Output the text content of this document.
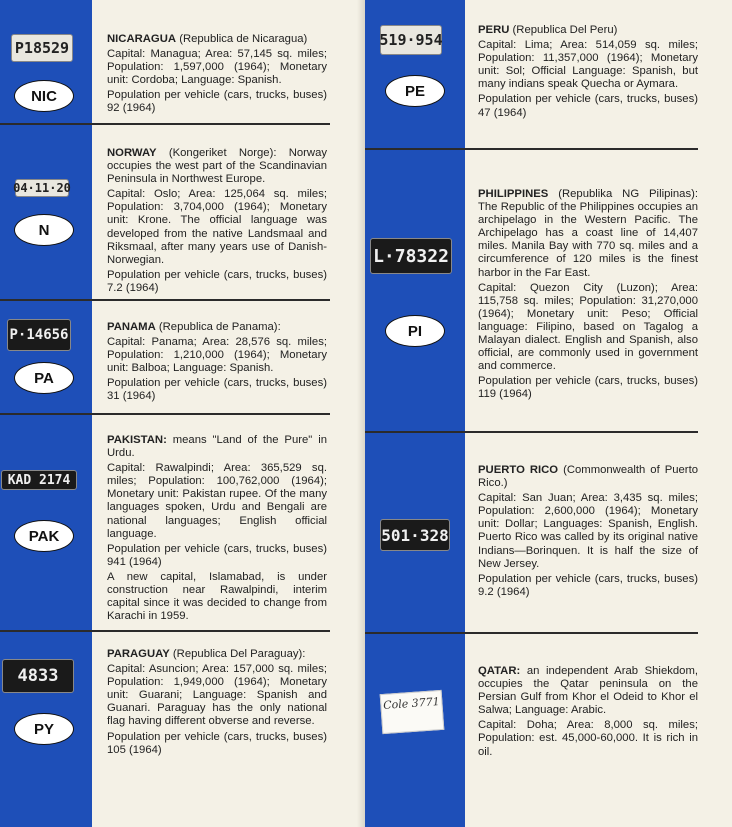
P18529
NIC

NICARAGUA (Republica de Nicaragua)

Capital: Managua; Area: 57,145 sq. miles; Population: 1,597,000 (1964); Monetary unit: Cordoba; Language: Spanish.

Population per vehicle (cars, trucks, buses) 92 (1964)

04·11·20
N

NORWAY (Kongeriket Norge): Norway occupies the west part of the Scandinavian Peninsula in Northwest Europe.

Capital: Oslo; Area: 125,064 sq. miles; Population: 3,704,000 (1964); Monetary unit: Krone. The official language was developed from the native Landsmaal and Riksmaal, after many years use of Danish-Norwegian.

Population per vehicle (cars, trucks, buses) 7.2 (1964)

P·14656
PA

PANAMA (Republica de Panama):

Capital: Panama; Area: 28,576 sq. miles; Population: 1,210,000 (1964); Monetary unit: Balboa; Language: Spanish.

Population per vehicle (cars, trucks, buses) 31 (1964)

KAD 2174
PAK

PAKISTAN: means "Land of the Pure" in Urdu.

Capital: Rawalpindi; Area: 365,529 sq. miles; Population: 100,762,000 (1964); Monetary unit: Pakistan rupee. Of the many languages spoken, Urdu and Bengali are national languages; English official language.

Population per vehicle (cars, trucks, buses) 941 (1964)

A new capital, Islamabad, is under construction near Rawalpindi, interim capital since it was decided to change from Karachi in 1959.

4833
PY

PARAGUAY (Republica Del Paraguay):

Capital: Asuncion; Area: 157,000 sq. miles; Population: 1,949,000 (1964); Monetary unit: Guarani; Language: Spanish and Guanari. Paraguay has the only national flag having different obverse and reverse.

Population per vehicle (cars, trucks, buses) 105 (1964)

519·954
PE

PERU (Republica Del Peru)

Capital: Lima; Area: 514,059 sq. miles; Population: 11,357,000 (1964); Monetary unit: Sol; Official Language: Spanish, but many indians speak Quecha or Aymara.

Population per vehicle (cars, trucks, buses) 47 (1964)

L·78322
PI

PHILIPPINES (Republika NG Pilipinas): The Republic of the Philippines occupies an archipelago in the Western Pacific. The Archipelago has a coast line of 14,407 miles. Manila Bay with 770 sq. miles and a circumference of 120 miles is the finest harbor in the Far East.

Capital: Quezon City (Luzon); Area: 115,758 sq. miles; Population: 31,270,000 (1964); Monetary unit: Peso; Official language: Filipino, based on Tagalog a Malayan dialect. English and Spanish, also official, are commonly used in government and commerce.

Population per vehicle (cars, trucks, buses) 119 (1964)

501·328

PUERTO RICO (Commonwealth of Puerto Rico.)

Capital: San Juan; Area: 3,435 sq. miles; Population: 2,600,000 (1964); Monetary unit: Dollar; Languages: Spanish, English. Puerto Rico was called by its original native Indians—Borinquen. It is half the size of New Jersey.

Population per vehicle (cars, trucks, buses) 9.2 (1964)

Cole 3771

QATAR: an independent Arab Shiekdom, occupies the Qatar peninsula on the Persian Gulf from Khor el Odeid to Khor el Salwa; Language: Arabic.

Capital: Doha; Area: 8,000 sq. miles; Population: est. 45,000-60,000. It is rich in oil.
